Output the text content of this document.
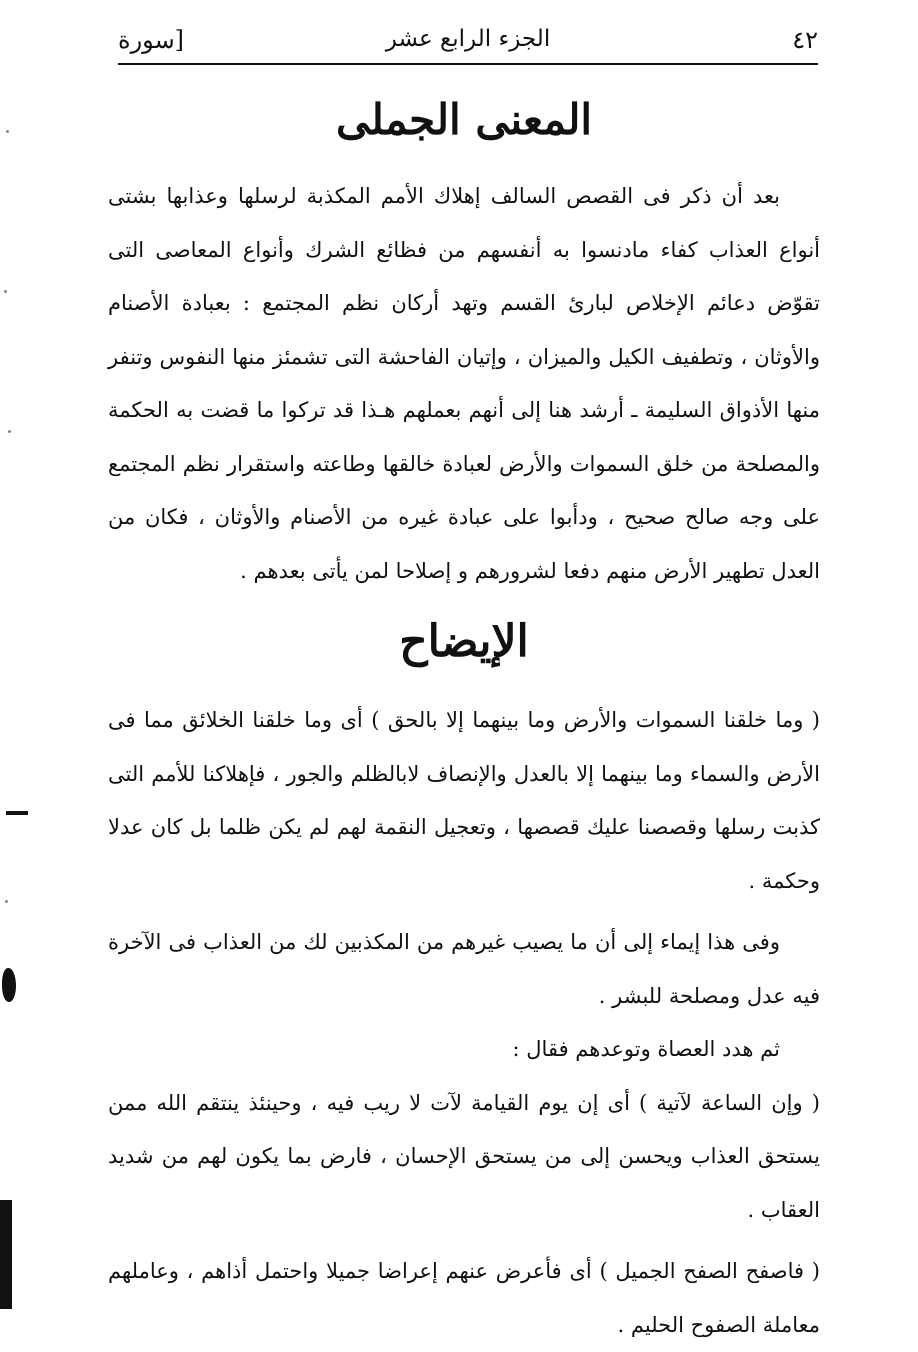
٤٢
الجزء الرابع عشر
[سورة
المعنى الجملى

بعد أن ذكر فى القصص السالف إهلاك الأمم المكذبة لرسلها وعذابها بشتى أنواع العذاب كفاء مادنسوا به أنفسهم من فظائع الشرك وأنواع المعاصى التى تقوّض دعائم الإخلاص لبارئ القسم وتهد أركان نظم المجتمع : بعبادة الأصنام والأوثان ، وتطفيف الكيل والميزان ، وإتيان الفاحشة التى تشمئز منها النفوس وتنفر منها الأذواق السليمة ـ أرشد هنا إلى أنهم بعملهم هـذا قد تركوا ما قضت به الحكمة والمصلحة من خلق السموات والأرض لعبادة خالقها وطاعته واستقرار نظم المجتمع على وجه صالح صحيح ، ودأبوا على عبادة غيره من الأصنام والأوثان ، فكان من العدل تطهير الأرض منهم دفعا لشرورهم و إصلاحا لمن يأتى بعدهم .

الإيضاح

( وما خلقنا السموات والأرض وما بينهما إلا بالحق ) أى وما خلقنا الخلائق مما فى الأرض والسماء وما بينهما إلا بالعدل والإنصاف لابالظلم والجور ، فإهلاكنا للأمم التى كذبت رسلها وقصصنا عليك قصصها ، وتعجيل النقمة لهم لم يكن ظلما بل كان عدلا وحكمة .

وفى هذا إيماء إلى أن ما يصيب غيرهم من المكذبين لك من العذاب فى الآخرة فيه عدل ومصلحة للبشر .

ثم هدد العصاة وتوعدهم فقال :

( وإن الساعة لآتية ) أى إن يوم القيامة لآت لا ريب فيه ، وحينئذ ينتقم الله ممن يستحق العذاب ويحسن إلى من يستحق الإحسان ، فارض بما يكون لهم من شديد العقاب .

( فاصفح الصفح الجميل ) أى فأعرض عنهم إعراضا جميلا واحتمل أذاهم ، وعاملهم معاملة الصفوح الحليم .
